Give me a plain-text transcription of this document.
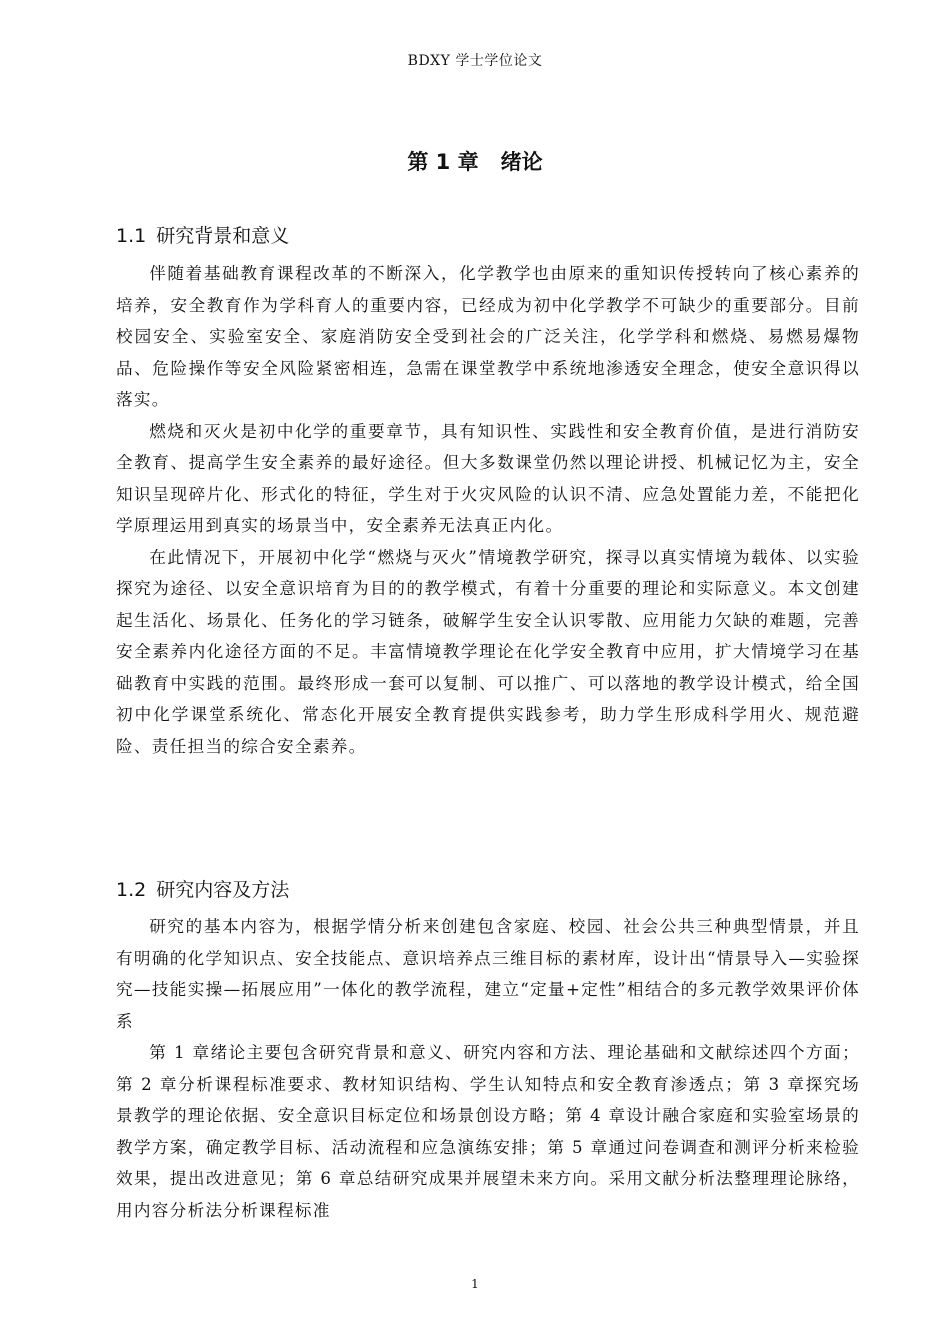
BDXY 学士学位论文
第 1 章 绪论
1.1 研究背景和意义

伴随着基础教育课程改革的不断深入，化学教学也由原来的重知识传授转向了核心素养的培养，安全教育作为学科育人的重要内容，已经成为初中化学教学不可缺少的重要部分。目前校园安全、实验室安全、家庭消防安全受到社会的广泛关注，化学学科和燃烧、易燃易爆物品、危险操作等安全风险紧密相连，急需在课堂教学中系统地渗透安全理念，使安全意识得以落实。

燃烧和灭火是初中化学的重要章节，具有知识性、实践性和安全教育价值，是进行消防安全教育、提高学生安全素养的最好途径。但大多数课堂仍然以理论讲授、机械记忆为主，安全知识呈现碎片化、形式化的特征，学生对于火灾风险的认识不清、应急处置能力差，不能把化学原理运用到真实的场景当中，安全素养无法真正内化。

在此情况下，开展初中化学“燃烧与灭火”情境教学研究，探寻以真实情境为载体、以实验探究为途径、以安全意识培育为目的的教学模式，有着十分重要的理论和实际意义。本文创建起生活化、场景化、任务化的学习链条，破解学生安全认识零散、应用能力欠缺的难题，完善安全素养内化途径方面的不足。丰富情境教学理论在化学安全教育中应用，扩大情境学习在基础教育中实践的范围。最终形成一套可以复制、可以推广、可以落地的教学设计模式，给全国初中化学课堂系统化、常态化开展安全教育提供实践参考，助力学生形成科学用火、规范避险、责任担当的综合安全素养。

1.2 研究内容及方法

研究的基本内容为，根据学情分析来创建包含家庭、校园、社会公共三种典型情景，并且有明确的化学知识点、安全技能点、意识培养点三维目标的素材库，设计出“情景导入—实验探究—技能实操—拓展应用”一体化的教学流程，建立“定量+定性”相结合的多元教学效果评价体系

第 1 章绪论主要包含研究背景和意义、研究内容和方法、理论基础和文献综述四个方面；第 2 章分析课程标准要求、教材知识结构、学生认知特点和安全教育渗透点；第 3 章探究场景教学的理论依据、安全意识目标定位和场景创设方略；第 4 章设计融合家庭和实验室场景的教学方案，确定教学目标、活动流程和应急演练安排；第 5 章通过问卷调查和测评分析来检验效果，提出改进意见；第 6 章总结研究成果并展望未来方向。采用文献分析法整理理论脉络，用内容分析法分析课程标准

1
